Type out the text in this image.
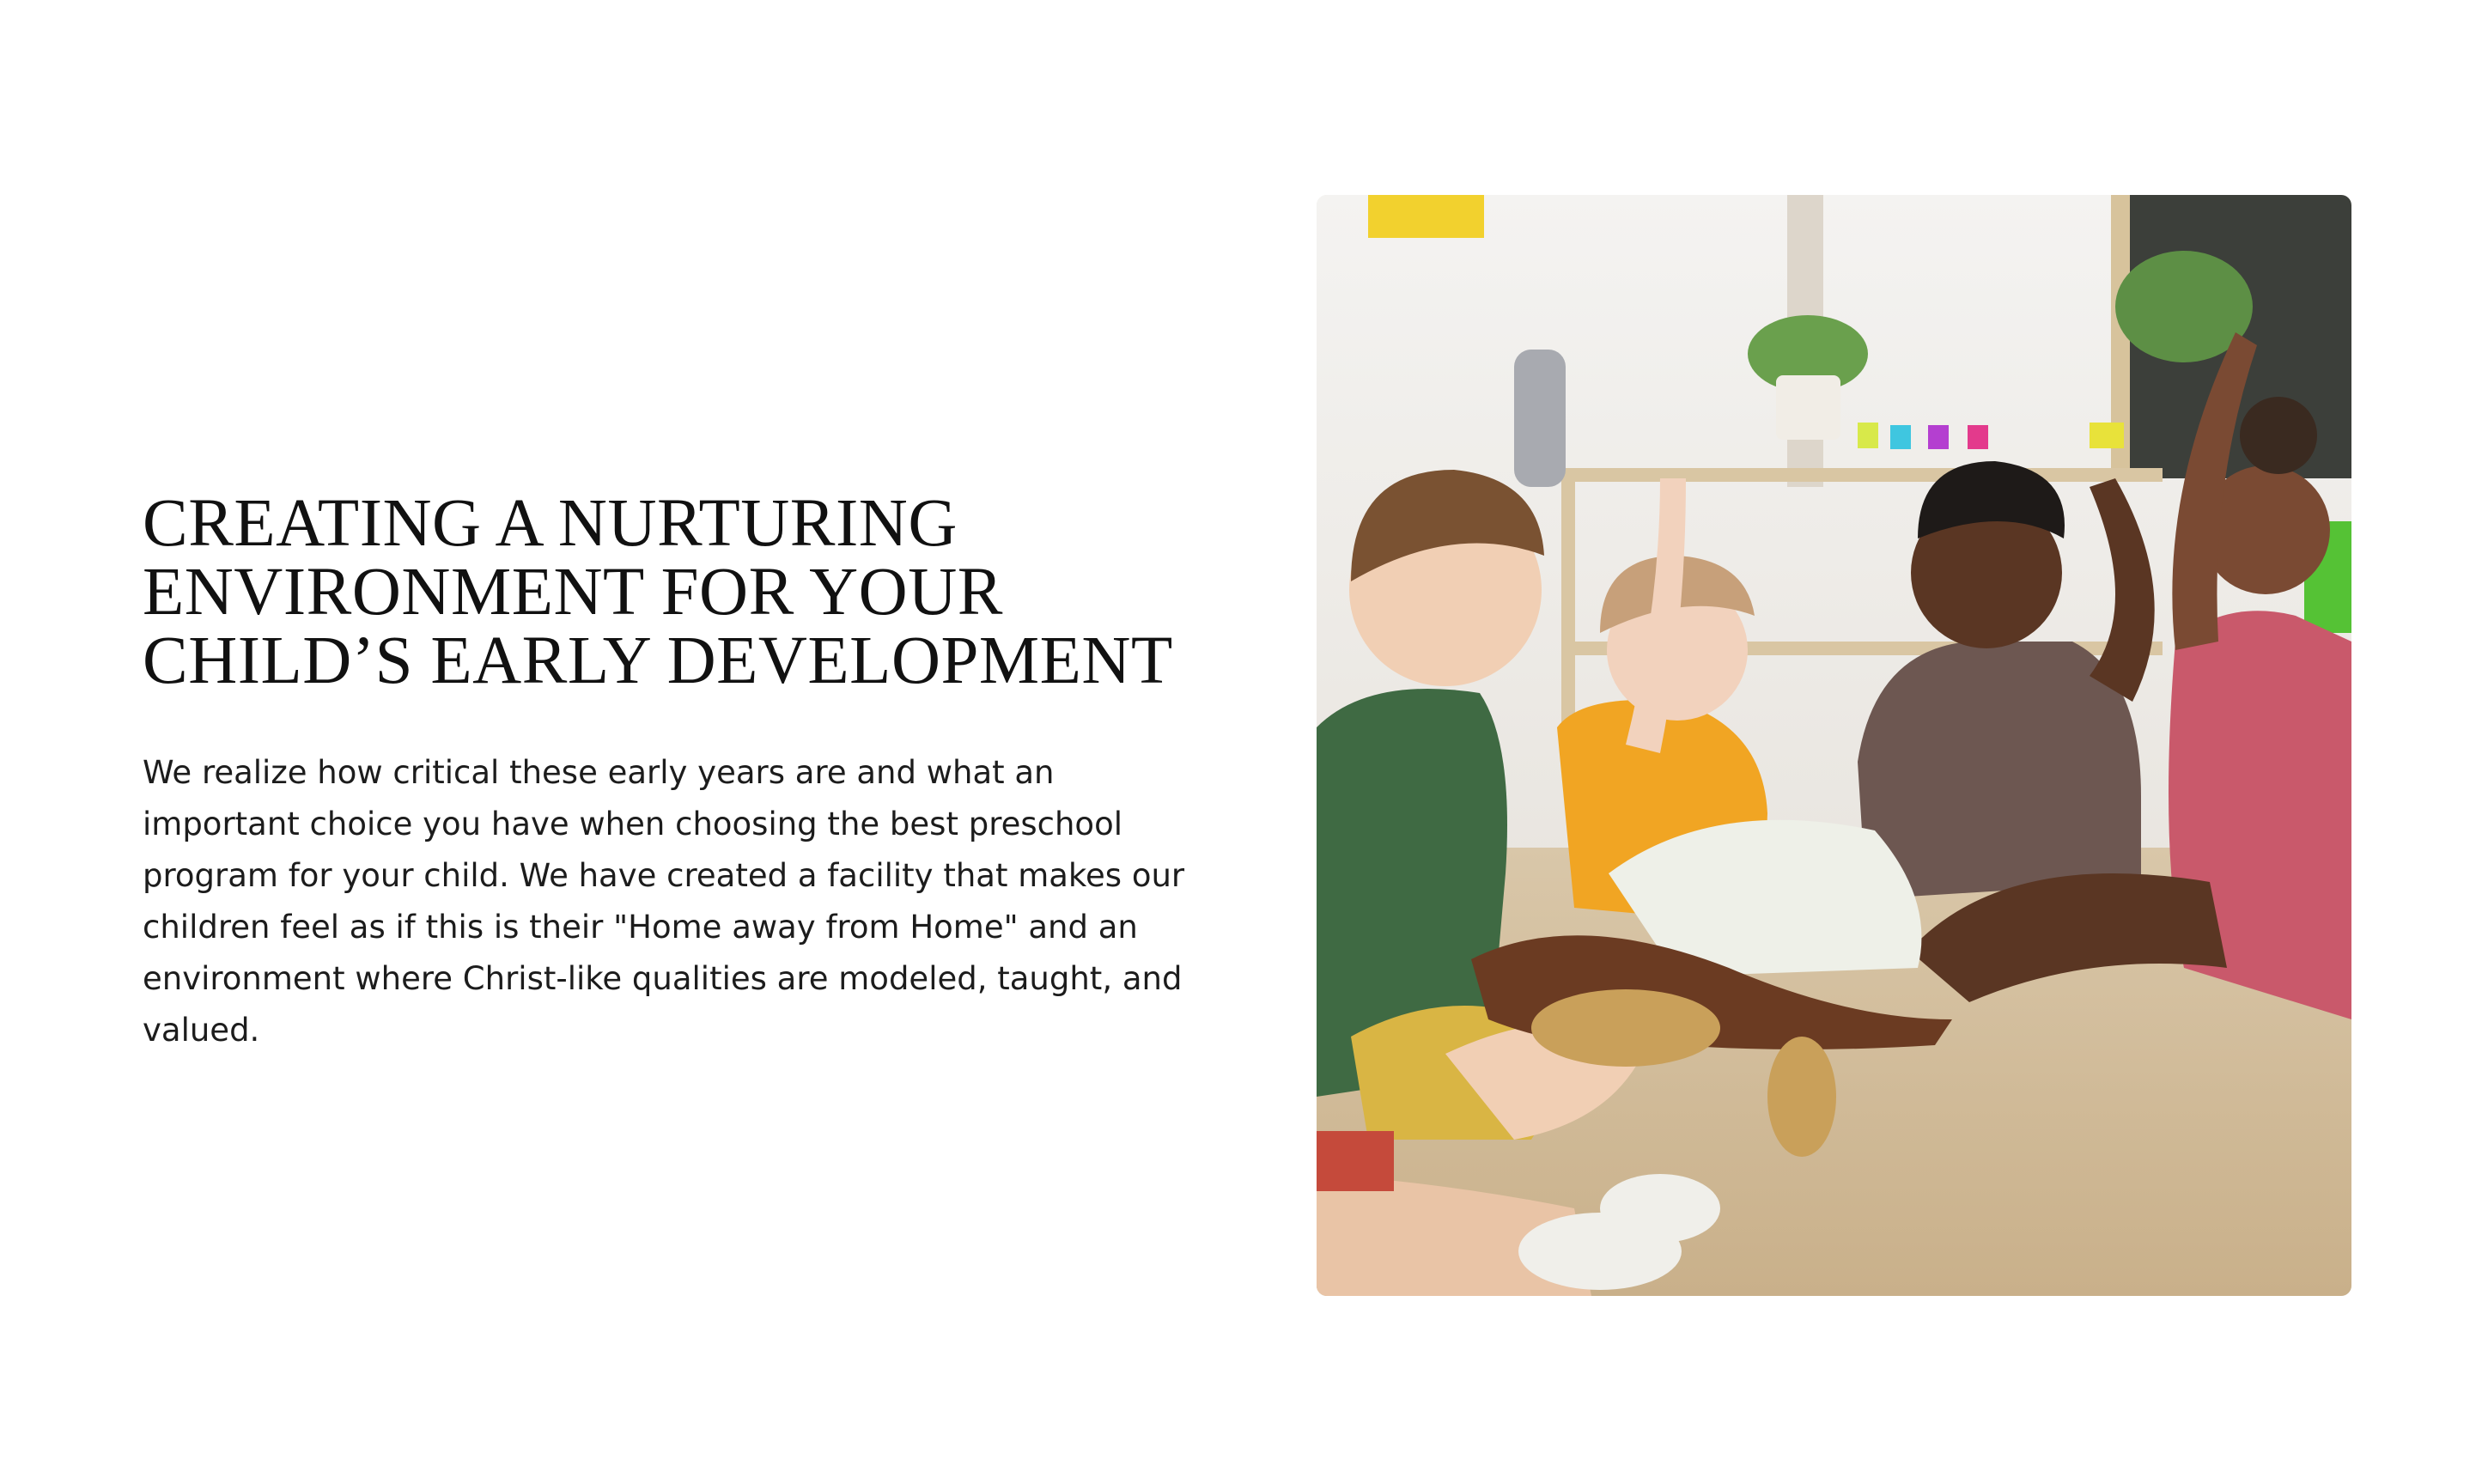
CREATING A NURTURING
ENVIRONMENT FOR YOUR
CHILD’S EARLY DEVELOPMENT

We realize how critical these early years are and what an important choice you have when choosing the best preschool program for your child. We have created a facility that makes our children feel as if this is their "Home away from Home" and an environment where Christ-like qualities are modeled, taught, and valued.
